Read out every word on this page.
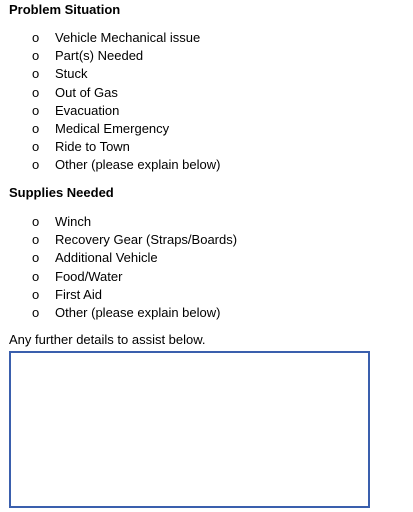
Problem Situation

o Vehicle Mechanical issue
o Part(s) Needed
o Stuck
o Out of Gas
o Evacuation
o Medical Emergency
o Ride to Town
o Other (please explain below)

Supplies Needed

o Winch
o Recovery Gear (Straps/Boards)
o Additional Vehicle
o Food/Water
o First Aid
o Other (please explain below)

Any further details to assist below.
